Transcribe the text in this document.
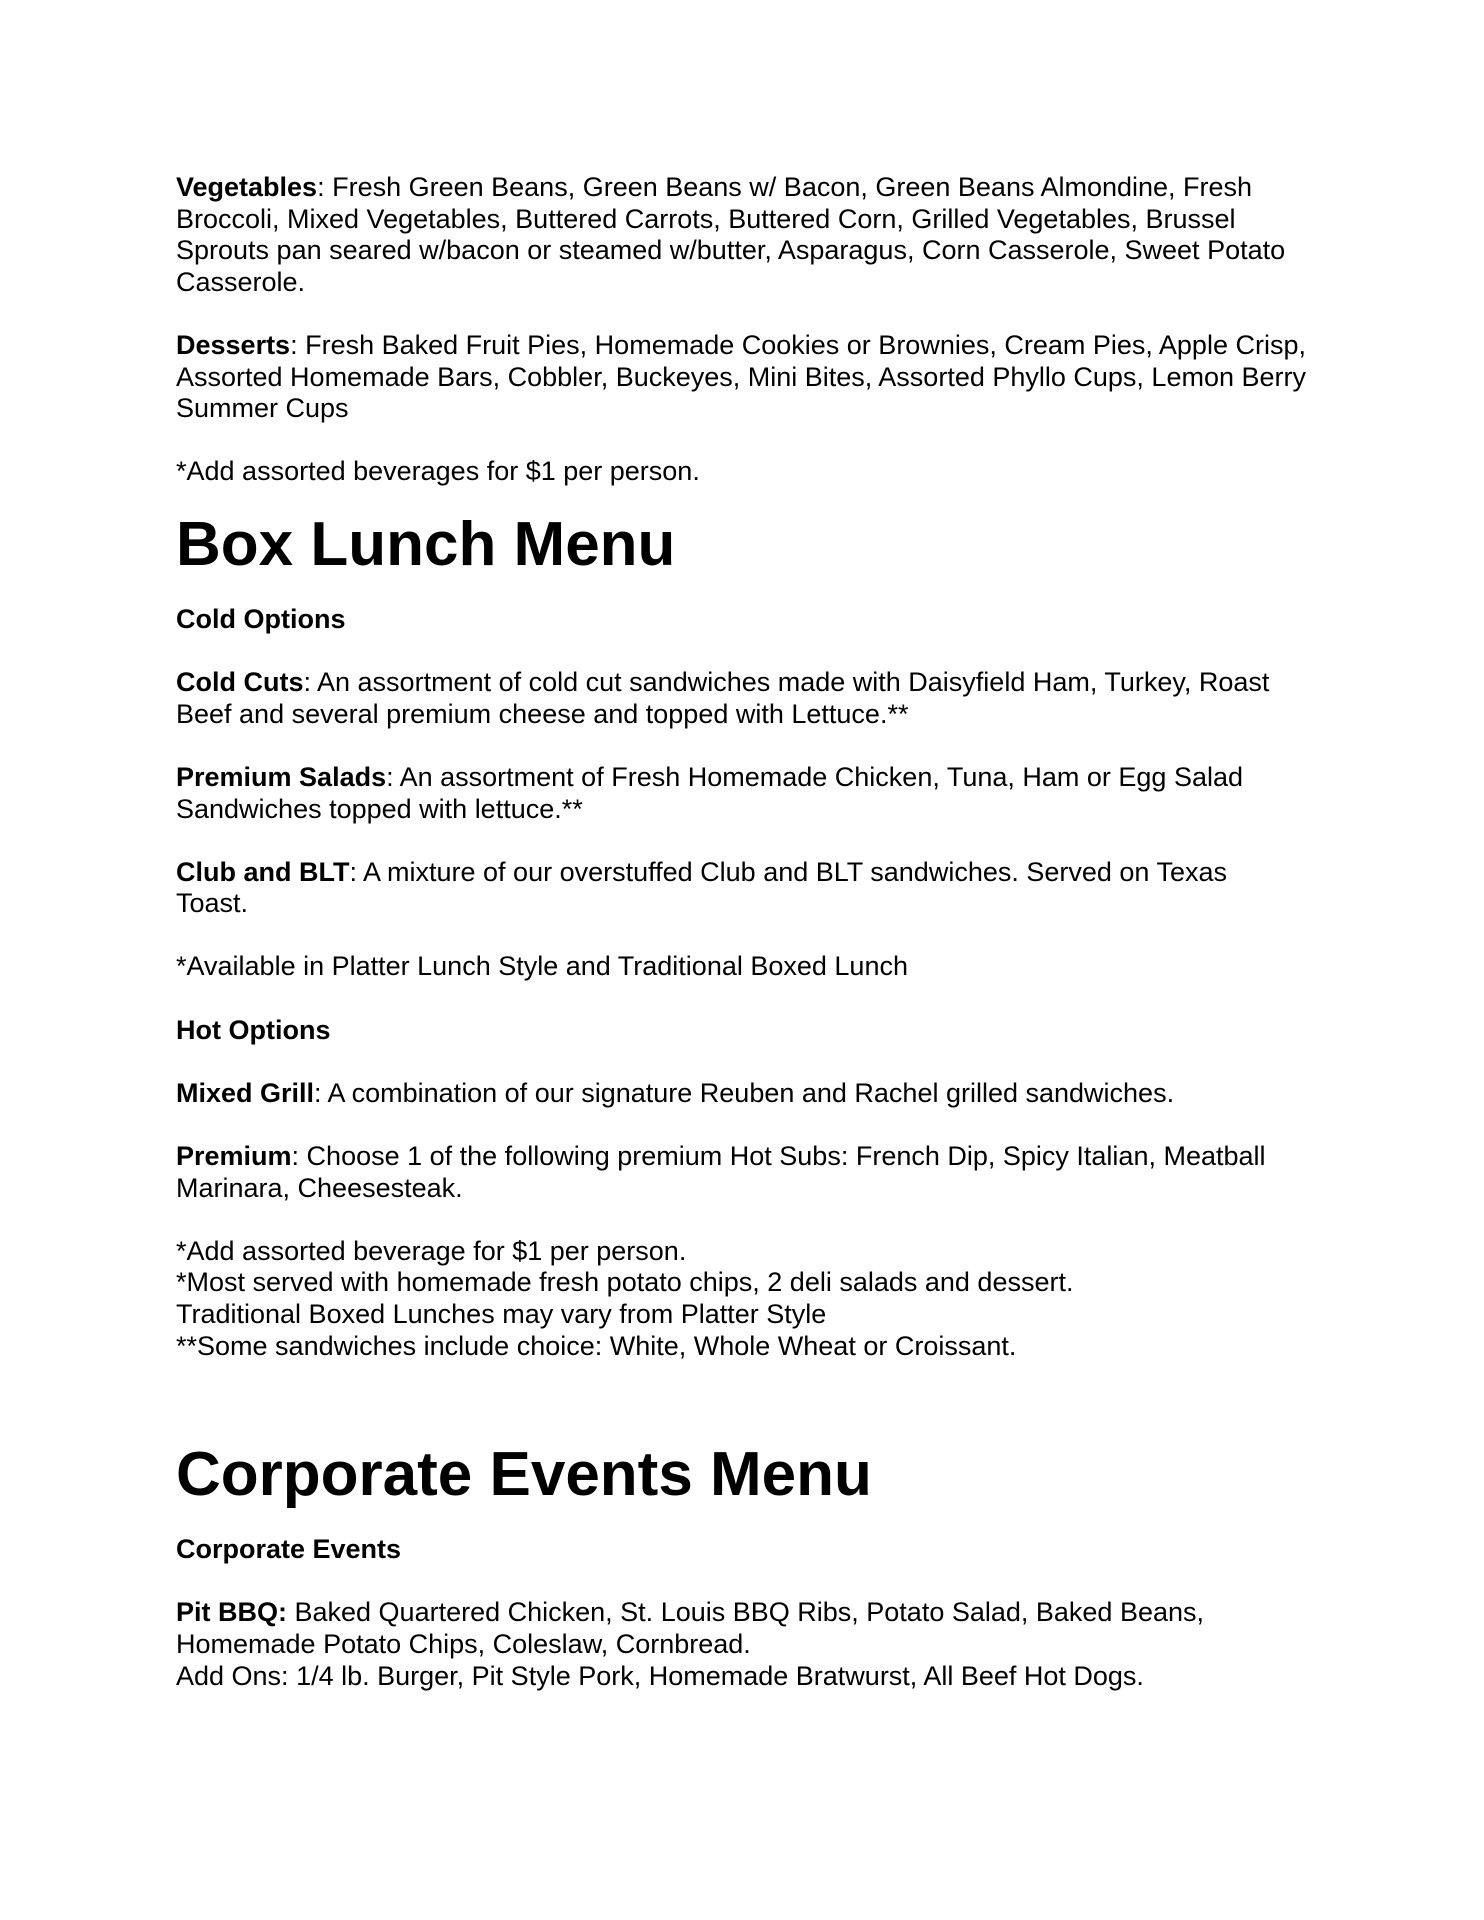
Vegetables: Fresh Green Beans, Green Beans w/ Bacon, Green Beans Almondine, Fresh Broccoli, Mixed Vegetables, Buttered Carrots, Buttered Corn, Grilled Vegetables, Brussel Sprouts pan seared w/bacon or steamed w/butter, Asparagus, Corn Casserole, Sweet Potato Casserole.

Desserts: Fresh Baked Fruit Pies, Homemade Cookies or Brownies, Cream Pies, Apple Crisp, Assorted Homemade Bars, Cobbler, Buckeyes, Mini Bites, Assorted Phyllo Cups, Lemon Berry Summer Cups

*Add assorted beverages for $1 per person.

Box Lunch Menu

Cold Options

Cold Cuts: An assortment of cold cut sandwiches made with Daisyfield Ham, Turkey, Roast Beef and several premium cheese and topped with Lettuce.**

Premium Salads: An assortment of Fresh Homemade Chicken, Tuna, Ham or Egg Salad Sandwiches topped with lettuce.**

Club and BLT: A mixture of our overstuffed Club and BLT sandwiches. Served on Texas Toast.

*Available in Platter Lunch Style and Traditional Boxed Lunch

Hot Options

Mixed Grill: A combination of our signature Reuben and Rachel grilled sandwiches.

Premium: Choose 1 of the following premium Hot Subs: French Dip, Spicy Italian, Meatball Marinara, Cheesesteak.

*Add assorted beverage for $1 per person.

*Most served with homemade fresh potato chips, 2 deli salads and dessert.

Traditional Boxed Lunches may vary from Platter Style

**Some sandwiches include choice: White, Whole Wheat or Croissant.

Corporate Events Menu

Corporate Events

Pit BBQ: Baked Quartered Chicken, St. Louis BBQ Ribs, Potato Salad, Baked Beans, Homemade Potato Chips, Coleslaw, Cornbread.

Add Ons: 1/4 lb. Burger, Pit Style Pork, Homemade Bratwurst, All Beef Hot Dogs.
